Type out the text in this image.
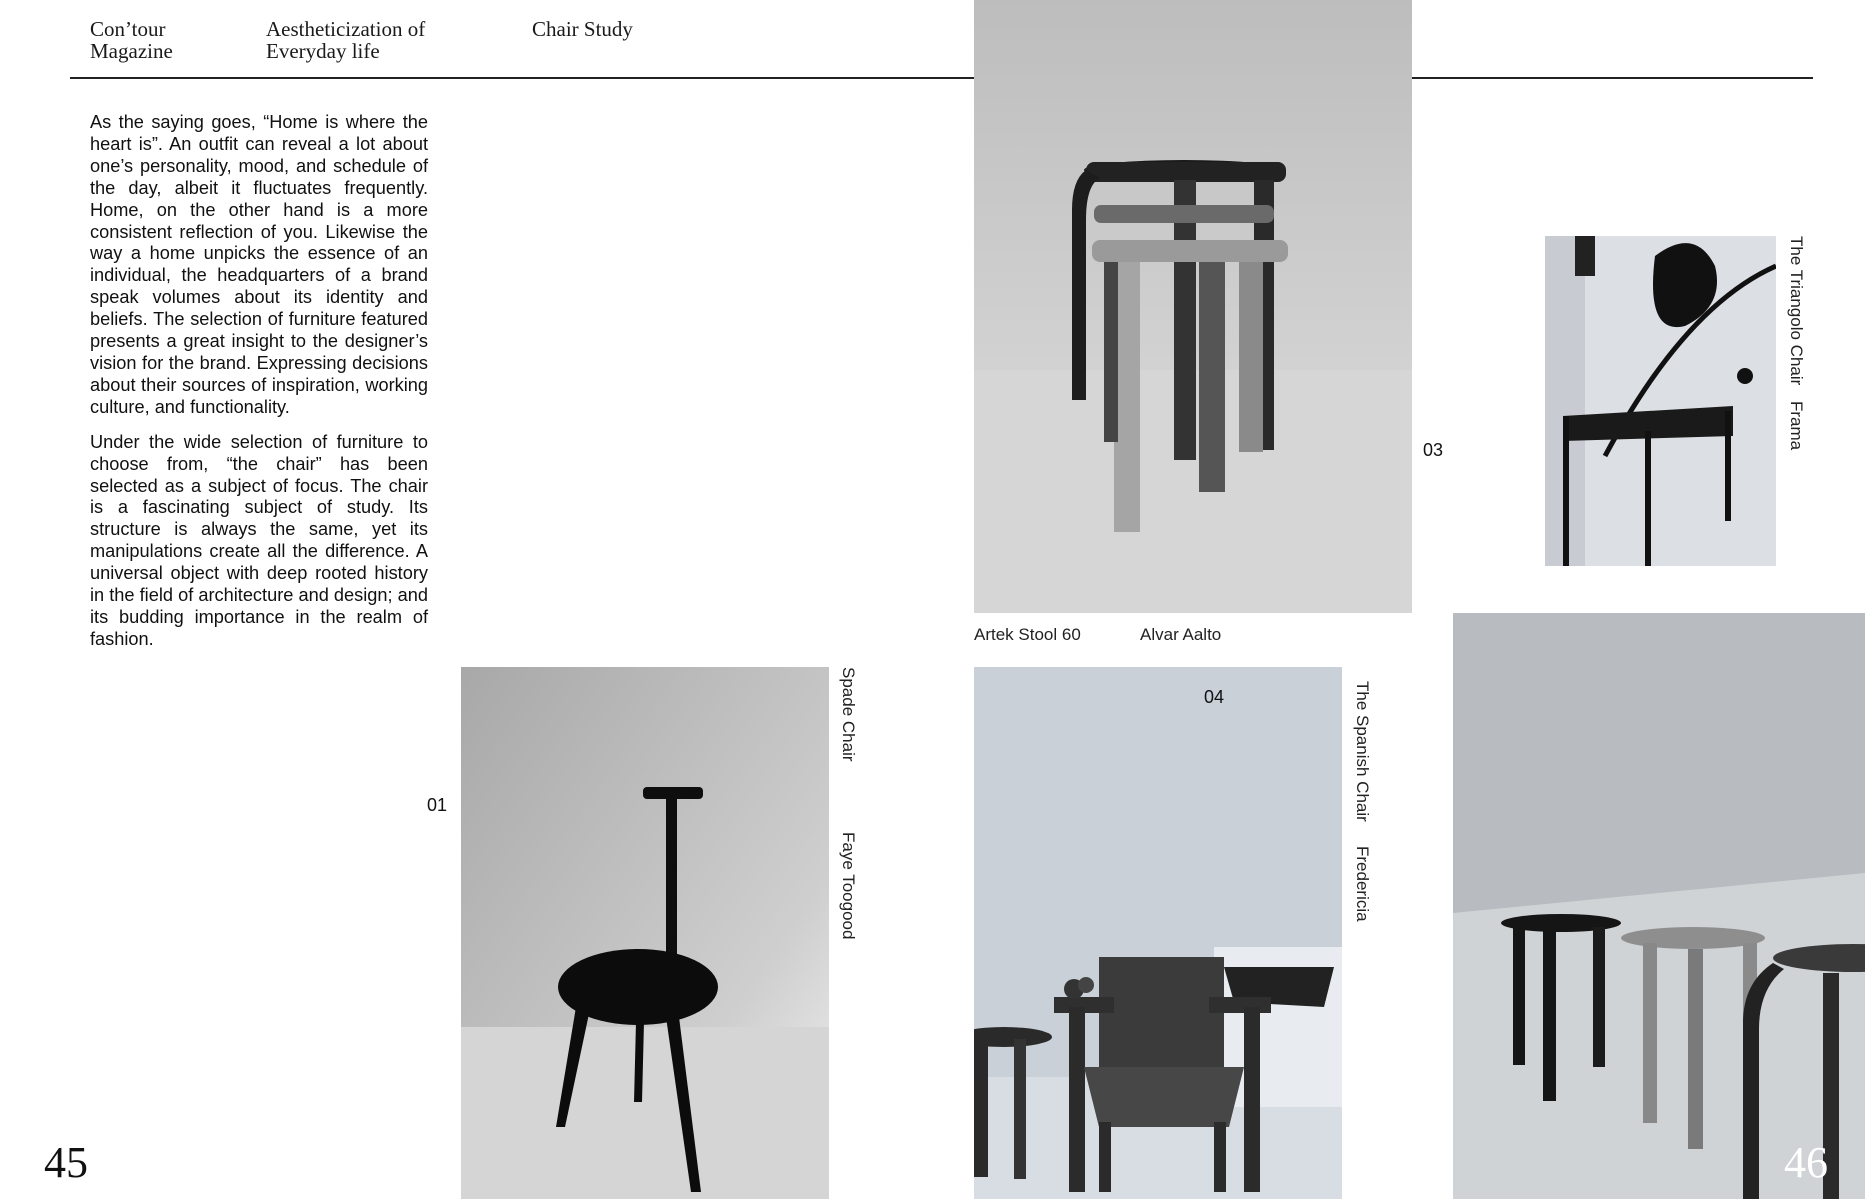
Con’tour
Magazine
Aestheticization of
Everyday life
Chair Study

As the saying goes, “Home is where the heart is”. An outfit can reveal a lot about one’s personality, mood, and schedule of the day, albeit it fluctuates frequently. Home, on the other hand is a more consistent reflection of you. Likewise the way a home unpicks the essence of an individual, the headquarters of a brand speak volumes about its identity and beliefs. The selection of furniture featured presents a great insight to the designer’s vision for the brand. Expressing decisions about their sources of inspiration, working culture, and functionality.

Under the wide selection of furniture to choose from, “the chair” has been selected as a subject of focus. The chair is a fascinating subject of study. Its structure is always the same, yet its manipulations create all the difference. A universal object with deep rooted history in the field of architecture and design; and its budding importance in the realm of fashion.	Artek Stool 60	Alvar Aalto
03
The Triangolo Chair
Frama
01
Spade Chair
Faye Toogood
04	The Spanish Chair
Fredericia
45	46
